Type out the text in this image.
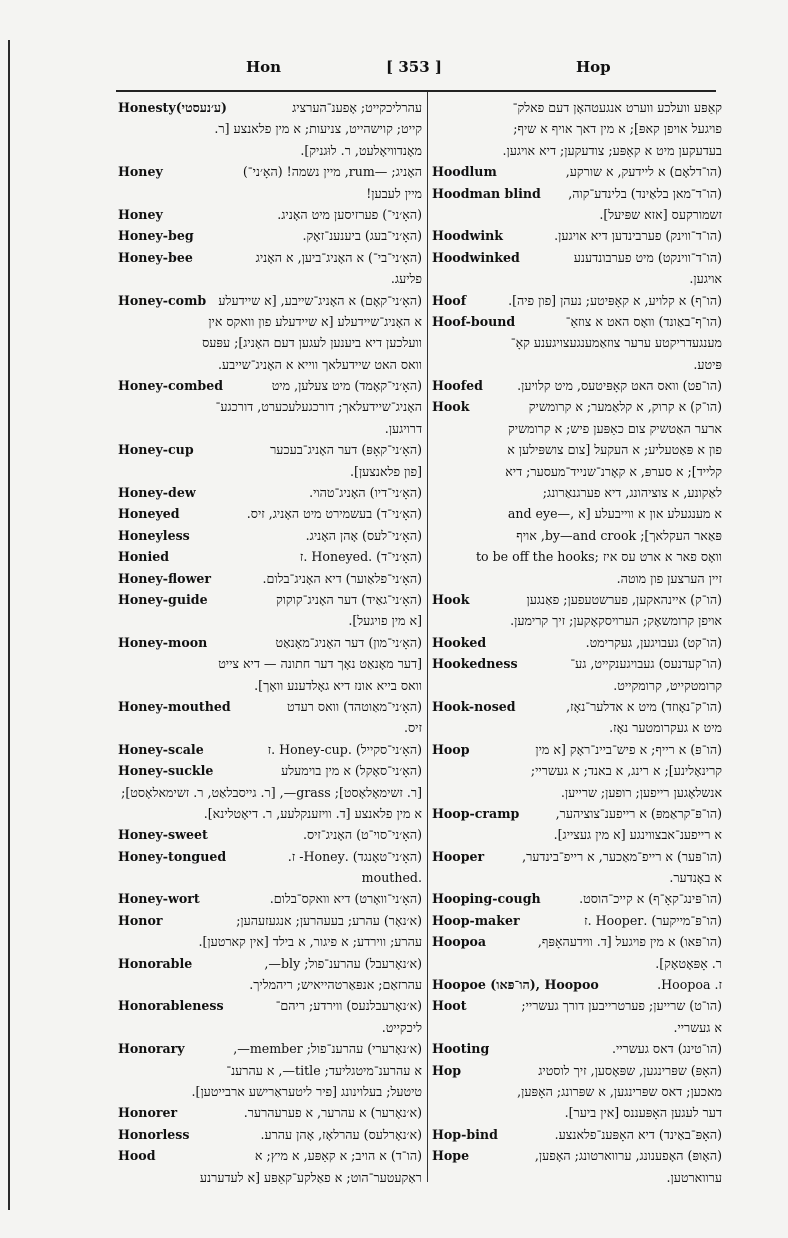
Hon	[ 353 ]	Hop
Honesty(ע׳נעסטי)	עהרליכקייט; אָפענ־הערציג
קייט; קוישהייט, צניעות; א מין פלאנצע [ר.
מאָנדוויאָלעט, ר. לוּגניק].
Honey	האָניג; —rum, מיין נשמה! (האָ׳ני־)
מיין לעבען!
Honey	(האָ׳ני־) פערזיסען מיט האָניג.
Honey-beg	(האָ׳ני־בעג) ביענענ־זאָק.
Honey-bee	(האָ׳ני־בי־) א האָניג־ביען, א האָניג
פליעג.
Honey-comb (האָ׳ני־קאָם) א האָניג־שייבע, [א שיידעלע
א האָניג־שיידעלע [א שיידעלע פון וואקס אין
וועלכען דיא ביענען לעגען דעם האָניג]; עפּעס
וואס האט שיידעלאך ווייא א האָניג־שייבע.
Honey-combed	(האָ׳ני־קאָמד) מיט צעלען, מיט
האָניג־שיידעלאך; דורכגעלעכערט, דורכגע־
דרויגען.
Honey-cup	(האָ׳ני־קאָפּ) דער האָניג־בעכער
[פון פלאנצען].
Honey-dew	(האָ׳ני־דיו) האָניג־טהוי.
Honeyed	(האָ׳ני־ד) בעשמירט מיט האָניג, זיס.
Honeyless	(האָ׳ני־לעס) אָהן האָניג.
Honied	(האָ׳ני־ד) .Honeyed .ז
Honey-flower	(האָ׳ני־פלאַוער) דיא האָניג־בלום.
Honey-guide	(האָ׳ני־גאַיד) דער האָניג־קוקוק
[א מין פויגעל].
Honey-moon	(האָ׳ני־מון) דער האָניג־מאָנאַט
[דער מאָנאַט נאָך דער חתונה — דיא צייט
וואס בייא אונז דיא גאָלדענע וואָך].
Honey-mouthed	(האָ׳ני־מאַוטהד) וואס רעדט
זיס.
Honey-scale	(האָ׳ני־סקייל) .Honey-cup .ז
Honey-suckle	(האָ׳ני־סאָקל) א מין בוימעלע
[ר. זשימאָלאָסט]; grass—, [ר. גייסבלאַט, ר. זשימאלאָסט];
א מין פלאנצע [ד. וויזענקלעע, ר. דיאָטלינא].
Honey-sweet	(האָ׳ני־סוי־ט) האָניג־זיס.
Honey-tongued	(האָ׳ני־טאָנגד) .Honey- ז.
mouthed.
Honey-wort	(האָ׳ני־וואָרט) דיא וואקס־בלום.
Honor	(א׳נאָר) עהרע; בעעהרען; אנגעזעהען;
עהרע; ווירדע; א פיגור, א בילד [אין קארטען].
Honorable	(א׳נאָרעבל) עהרענ־פול; bly—,
עהרזאַם; אנפּאַרטהייאיש; ריהמליך.
Honorableness	(א׳נאָרעבלנעס) ווירדע; ריהם־
ליכקייט.
Honorary	(א׳נאָרערי) עהרענ־פול; member—,
א עהרענ־מיטגליעד; title—, א עהרענ־
טיטעל; בעלוינונג [פיר ליטעראַרישע ארבייטען].
Honorer	(א׳נאָרער) א עהרער, א פערעהרער.
Honorless	(א׳נאָרלעס) עהרלאָז, אָהן עהרע.
Hood	(הו־ד) א הויב; א קאַפּע, א מיץ; א
ראַקעטער־הוט; א פאַלקע־קאַפּע [א לעדערנע
קאַפּע וועלכע ווערט אנגעטהאָן דעם פאלק־
פויגעל אויפן קאפּ]; א מין דאך אויף א שיף;
בעדעקען מיט א קאַפּע; צודעקען; דיא אויגען.
Hoodlum	(הו־דלאָם) א ליידעק, א שורקע,
Hoodman blind (הו־ד־מאן בלאַינד) בלינדע־קוה,
זשמורקעס [אזא שפּיעל].
Hoodwink	(הו־ד־ווינק) פערבינדען דיא אויגען.
Hoodwinked	(הו־ד־ווינקט) מיט פערבונדענע
אויגען.
Hoof	(הו־ף) א קלויע, א קאָפּיטע; נעהן [פון פיה].
Hoof-bound	(הו־ף־באַונד) וואָס האט א צוזאַ־
מענגעדריקטע ערער צוזאַמענגעצויגענע קאָ־
פּיטע.
Hoofed	(הו־פט) וואס האט קאָפּיטעס, מיט קלויען.
Hook	(הו־ק) א קרוק, א קלאַמער; א קרומשיק
ארער האַטשיק צום כאַפּען פיש; א קרומשיק
פון א פּאַטעליע; א העקעל [צום צושפּילען א
קלייד]; א סערפּ, א קאָרנ־שנייד־מעסער; דיא
לאַקונע, א צוציהונג, דיא פערגנאַרונג;
and eye—, א מענגעלע און א ווייבעלע [א
פּאַאר העקלאך]; by—and crook, אויף
to be off the hooks; וואָס פאר א ארט עס איז
זיין הערצען פון מוטה.
Hook	(הו־ק) איינהאקען, פערשטעפען; פאַנגען
אויפן קרומשאָק; הערויסקאָקען; זיך קרימען.
Hooked	(הו־קט) געבויגען, געקרימט.
Hookedness	(הו־קעדנעס) געבויגענקייט, גע־
קרומטקייט, קרומקייט.
Hook-nosed	(הו־ק־נאָוזד) מיט א אדלער־נאָז,
מיט א געקרומטער נאָז.
Hoop	(הו־פּ) א רייף; א פיש־ביינ־ראָק [א מין
קרינאָלינע]; א רינג, א באנד; א געשריי;
אנשלאָגען רייפען; רופען; שרייען.
Hoop-cramp	(הו־פּ־קראַמפּ) א רייפענ־צוציהער,
א רייפענ־אבצווינגע [א מין געצייג].
Hooper	(הו־פּער) א רייפ־מאַכער, א רייפ־בינדער,
א באָנדער.
Hooping-cough	(הו־פּינג־קאָ־ף) א קייכ־הוסט.
Hoop-maker	(הו־פּ־מייקער) .Hooper .ז
Hoopoa	(הו־פּאו) א מין פויגעל [ד. ווידעהאָפּף,
ר. אָפּאָטאָק].
Hoopoe (הו־פּאו), Hoopoo	.Hoopoa .ז
Hoot	(הו־ט) שרייען; פערטרייבען דורך געשריי;
א געשריי.
Hooting	(הו־טינג) דאס געשריי.
Hop	(האָפּ) שפּרינגען, שפּאָסען, זיך לוסטיג
מאכען; דאס שפּרינגען, א שפּרונג; האָפּען,
דער לעגען האָפּעננס [אין ביער].
Hop-bind	(האָפּ־באַינד) דיא האָפּענ־פלאנצע.
Hope	(האָופּ) האָפענונג, ערווארטונג; האָפען,
ערווארטען.
